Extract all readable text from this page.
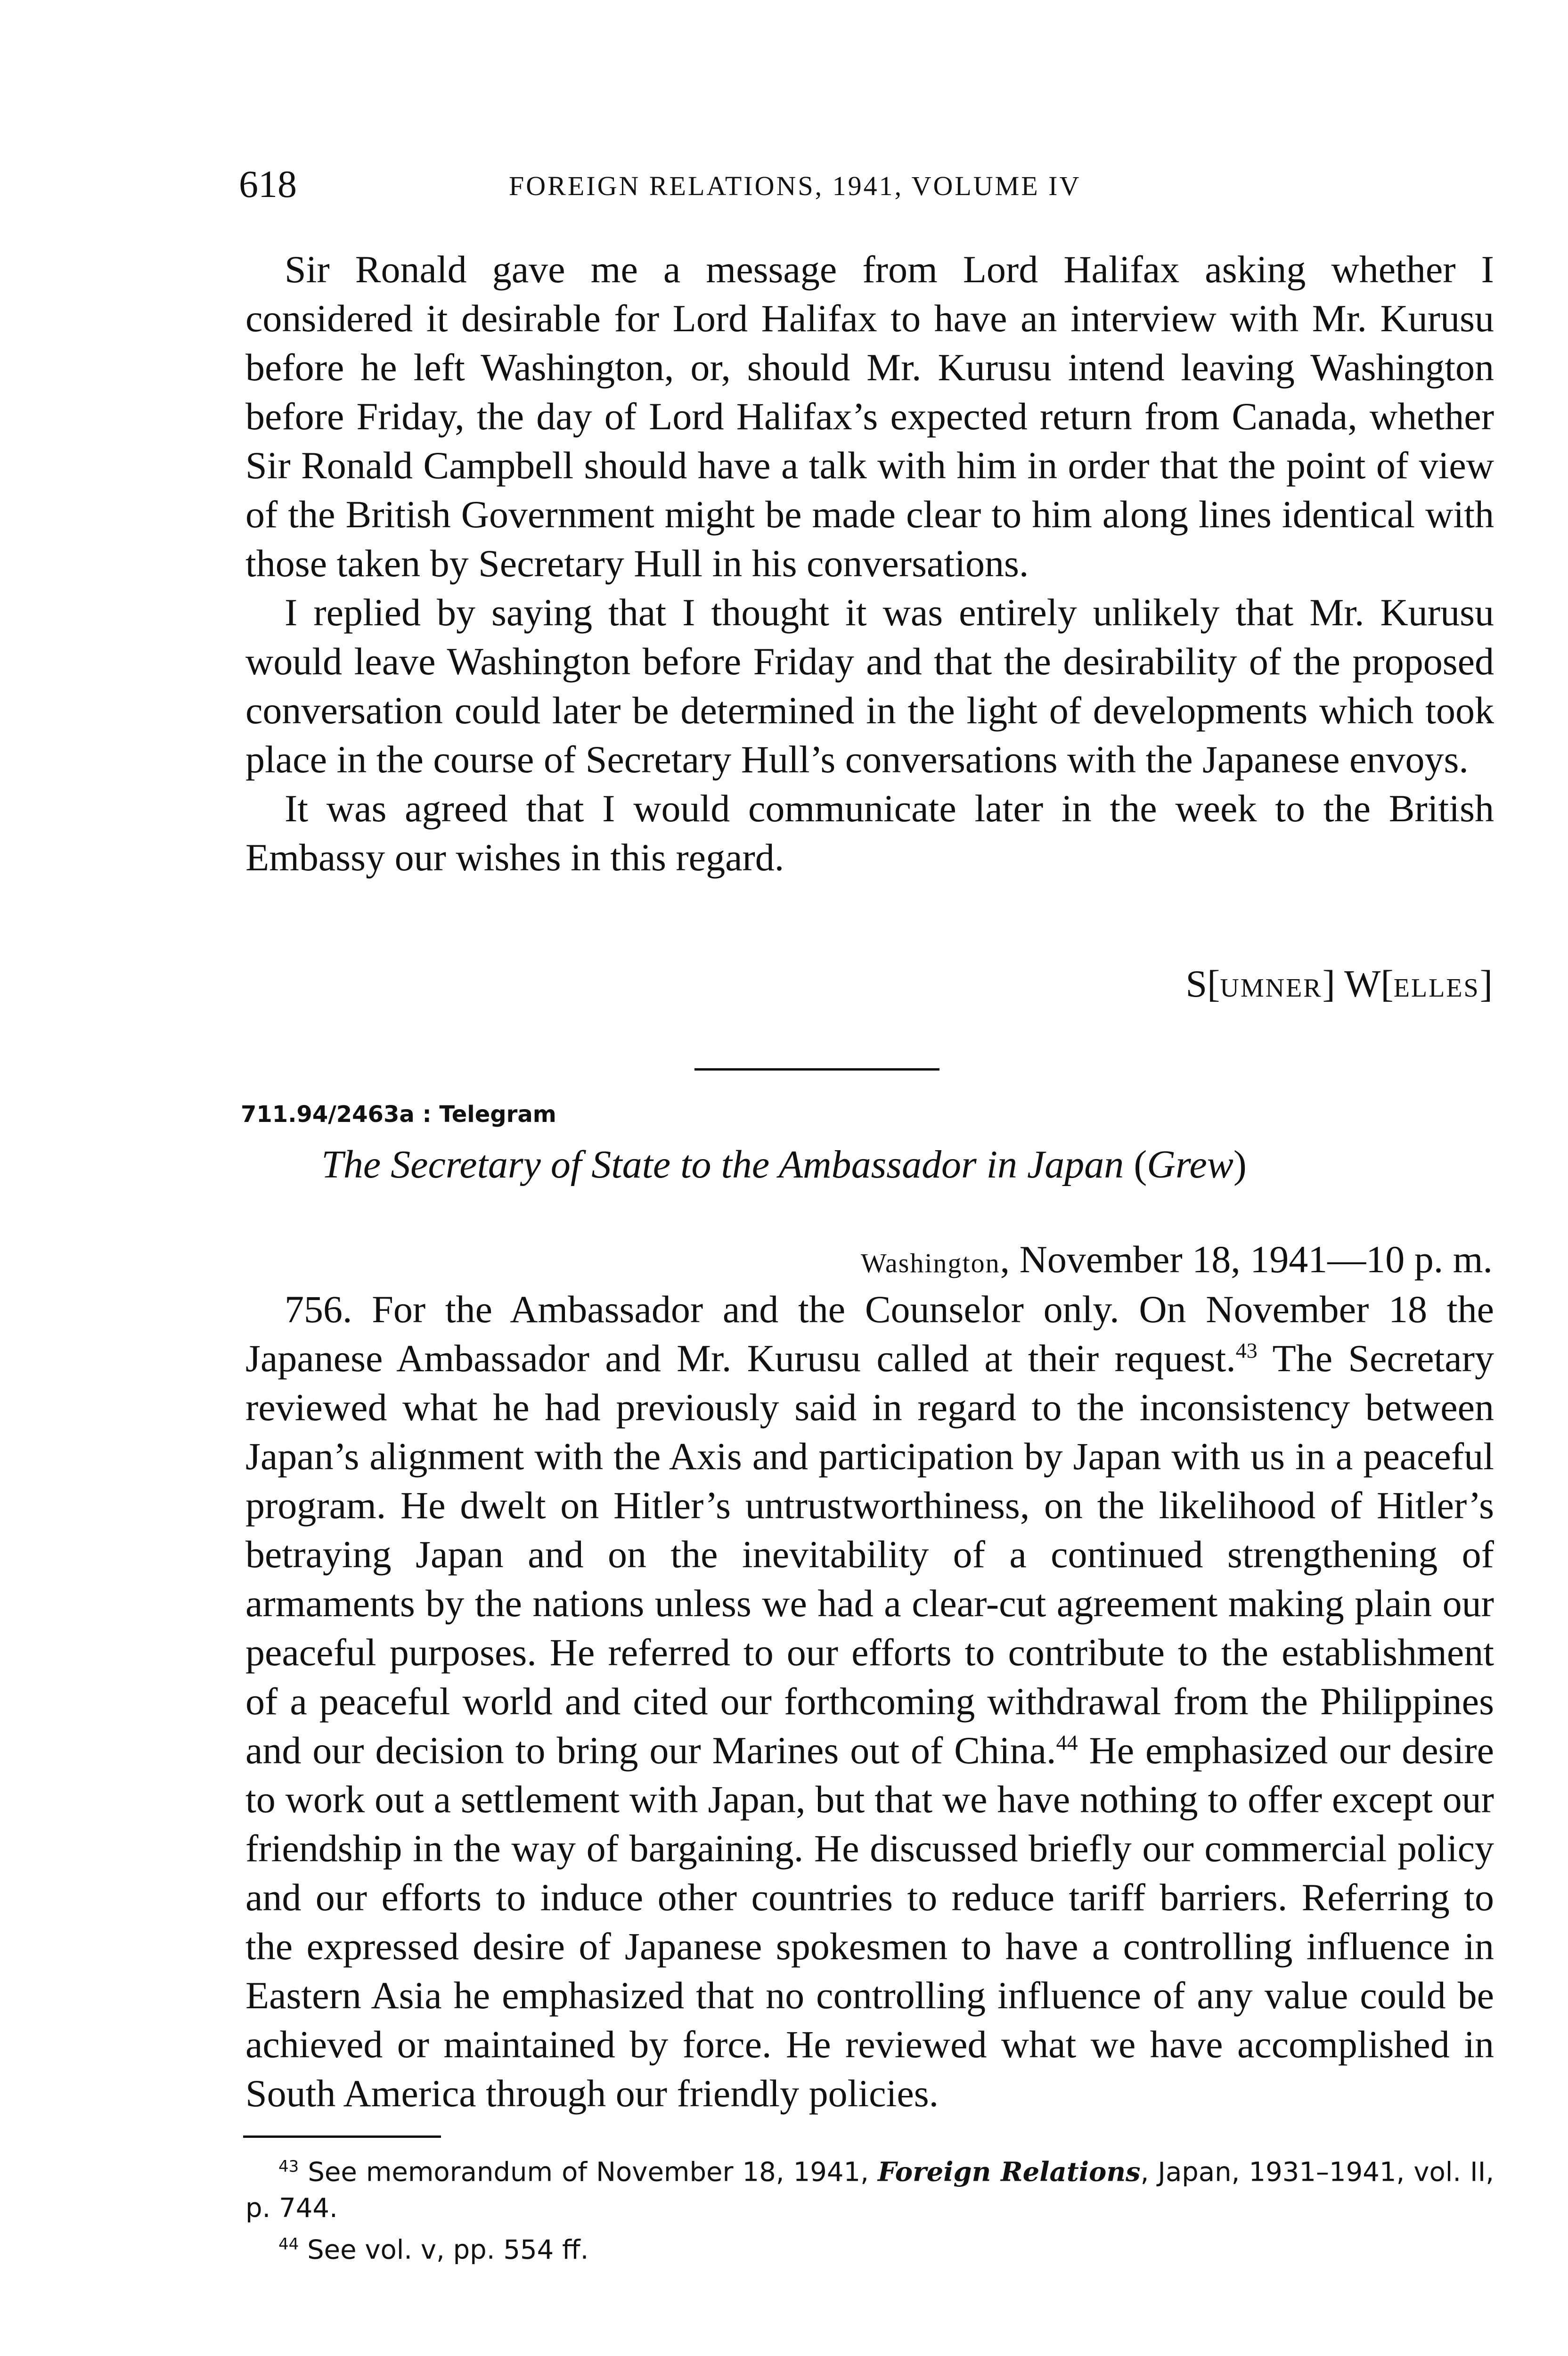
618	FOREIGN RELATIONS, 1941, VOLUME IV

Sir Ronald gave me a message from Lord Halifax asking whether I considered it desirable for Lord Halifax to have an interview with Mr. Kurusu before he left Washington, or, should Mr. Kurusu intend leaving Washington before Friday, the day of Lord Halifax’s expected return from Canada, whether Sir Ronald Campbell should have a talk with him in order that the point of view of the British Government might be made clear to him along lines identical with those taken by Secretary Hull in his conversations.

I replied by saying that I thought it was entirely unlikely that Mr. Kurusu would leave Washington before Friday and that the desirability of the proposed conversation could later be determined in the light of developments which took place in the course of Secretary Hull’s conversations with the Japanese envoys.

It was agreed that I would communicate later in the week to the British Embassy our wishes in this regard.

S[UMNER] W[ELLES]
711.94/2463a : Telegram
The Secretary of State to the Ambassador in Japan (Grew)
Washington, November 18, 1941—10 p. m.

756. For the Ambassador and the Counselor only. On November 18 the Japanese Ambassador and Mr. Kurusu called at their request.$^{43}$ The Secretary reviewed what he had previously said in regard to the inconsistency between Japan’s alignment with the Axis and participation by Japan with us in a peaceful program. He dwelt on Hitler’s untrustworthiness, on the likelihood of Hitler’s betraying Japan and on the inevitability of a continued strengthening of armaments by the nations unless we had a clear-cut agreement making plain our peaceful purposes. He referred to our efforts to contribute to the establishment of a peaceful world and cited our forthcoming withdrawal from the Philippines and our decision to bring our Marines out of China.$^{44}$ He emphasized our desire to work out a settlement with Japan, but that we have nothing to offer except our friendship in the way of bargaining. He discussed briefly our commercial policy and our efforts to induce other countries to reduce tariff barriers. Referring to the expressed desire of Japanese spokesmen to have a controlling influence in Eastern Asia he emphasized that no controlling influence of any value could be achieved or maintained by force. He reviewed what we have accomplished in South America through our friendly policies.

$^{43}$ See memorandum of November 18, 1941, Foreign Relations, Japan, 1931–1941, vol. II, p. 744.

$^{44}$ See vol. v, pp. 554 ff.
